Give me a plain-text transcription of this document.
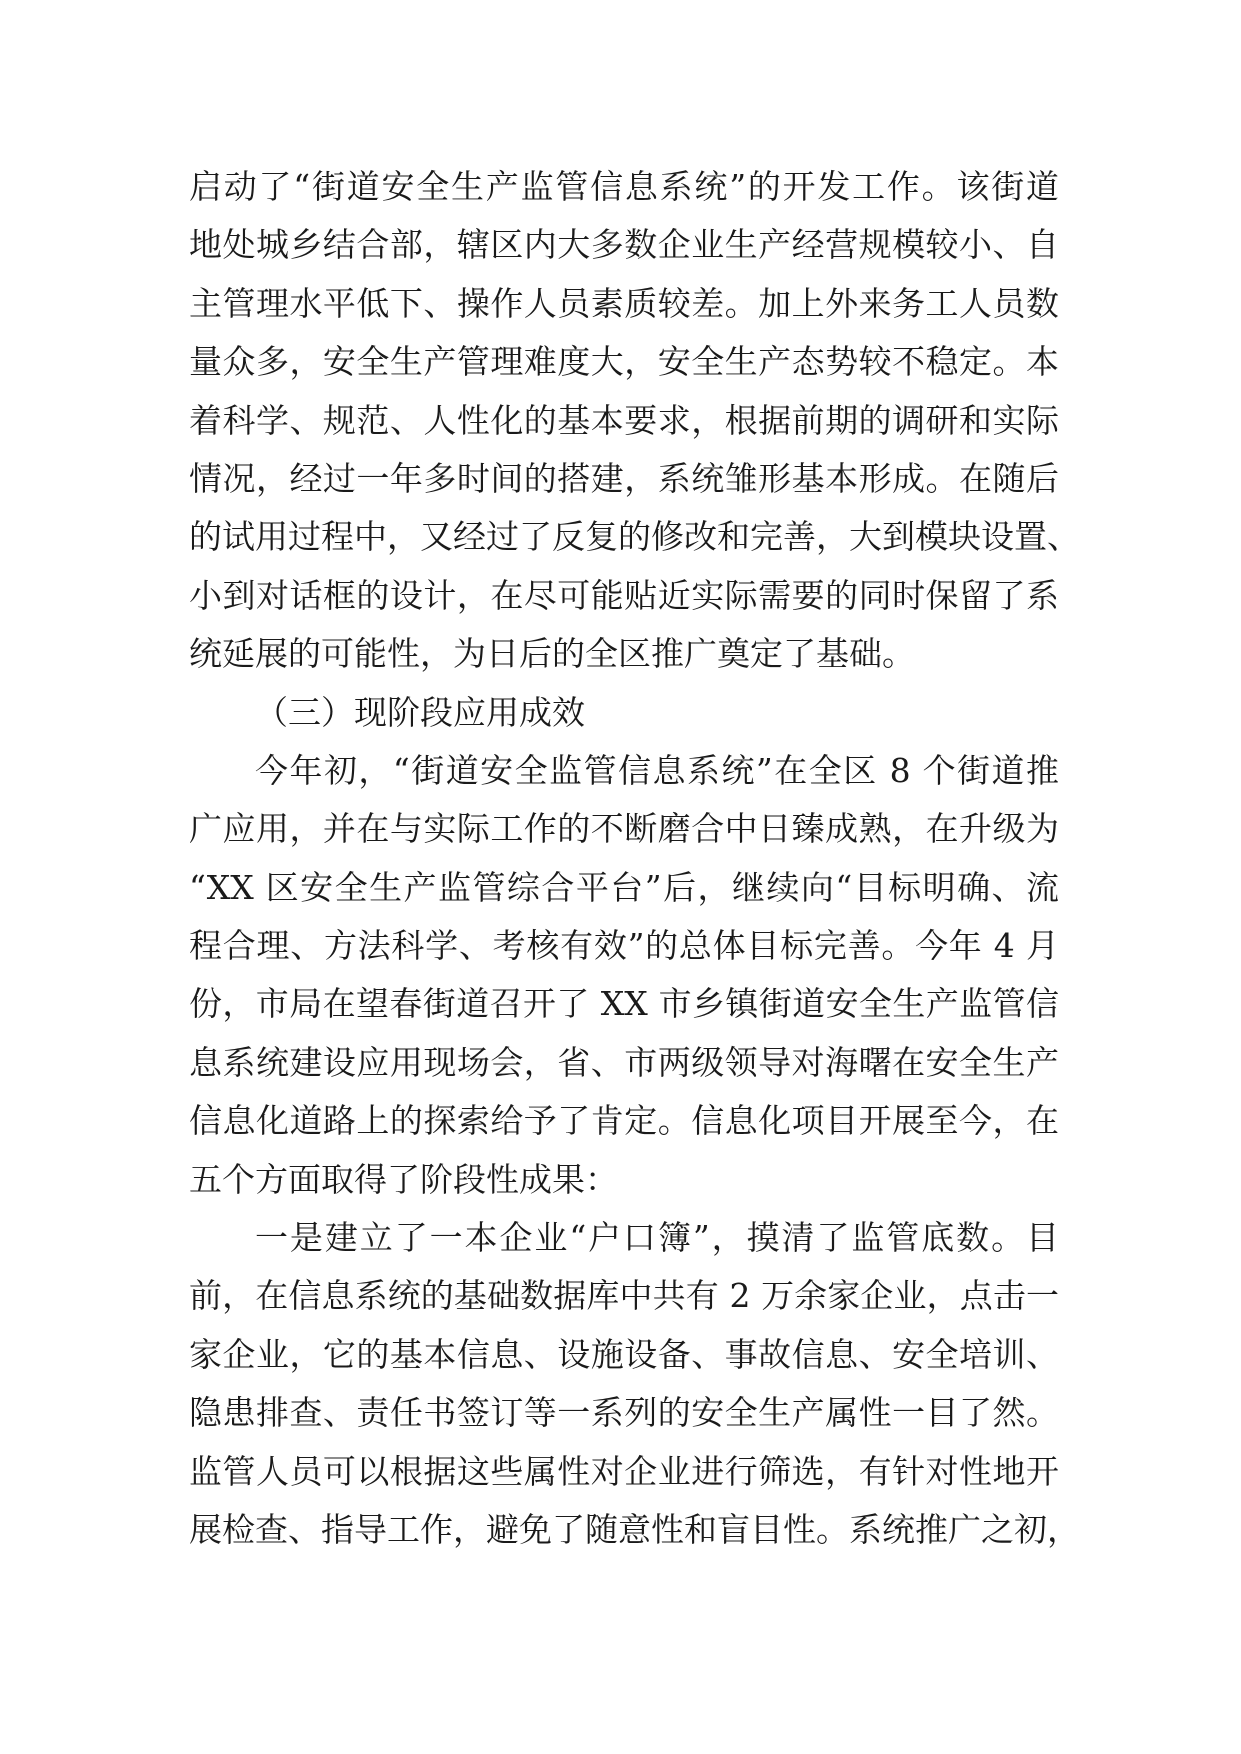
启动了“街道安全生产监管信息系统”的开发工作。该街道
地处城乡结合部，辖区内大多数企业生产经营规模较小、自
主管理水平低下、操作人员素质较差。加上外来务工人员数
量众多，安全生产管理难度大，安全生产态势较不稳定。本
着科学、规范、人性化的基本要求，根据前期的调研和实际
情况，经过一年多时间的搭建，系统雏形基本形成。在随后
的试用过程中，又经过了反复的修改和完善，大到模块设置、
小到对话框的设计，在尽可能贴近实际需要的同时保留了系
统延展的可能性，为日后的全区推广奠定了基础。
（三）现阶段应用成效
今年初，“街道安全监管信息系统”在全区 8 个街道推
广应用，并在与实际工作的不断磨合中日臻成熟，在升级为
“XX 区安全生产监管综合平台”后，继续向“目标明确、流
程合理、方法科学、考核有效”的总体目标完善。今年 4 月
份，市局在望春街道召开了 XX 市乡镇街道安全生产监管信
息系统建设应用现场会，省、市两级领导对海曙在安全生产
信息化道路上的探索给予了肯定。信息化项目开展至今，在
五个方面取得了阶段性成果：
一是建立了一本企业“户口簿”，摸清了监管底数。目
前，在信息系统的基础数据库中共有 2 万余家企业，点击一
家企业，它的基本信息、设施设备、事故信息、安全培训、
隐患排查、责任书签订等一系列的安全生产属性一目了然。
监管人员可以根据这些属性对企业进行筛选，有针对性地开
展检查、指导工作，避免了随意性和盲目性。系统推广之初，
